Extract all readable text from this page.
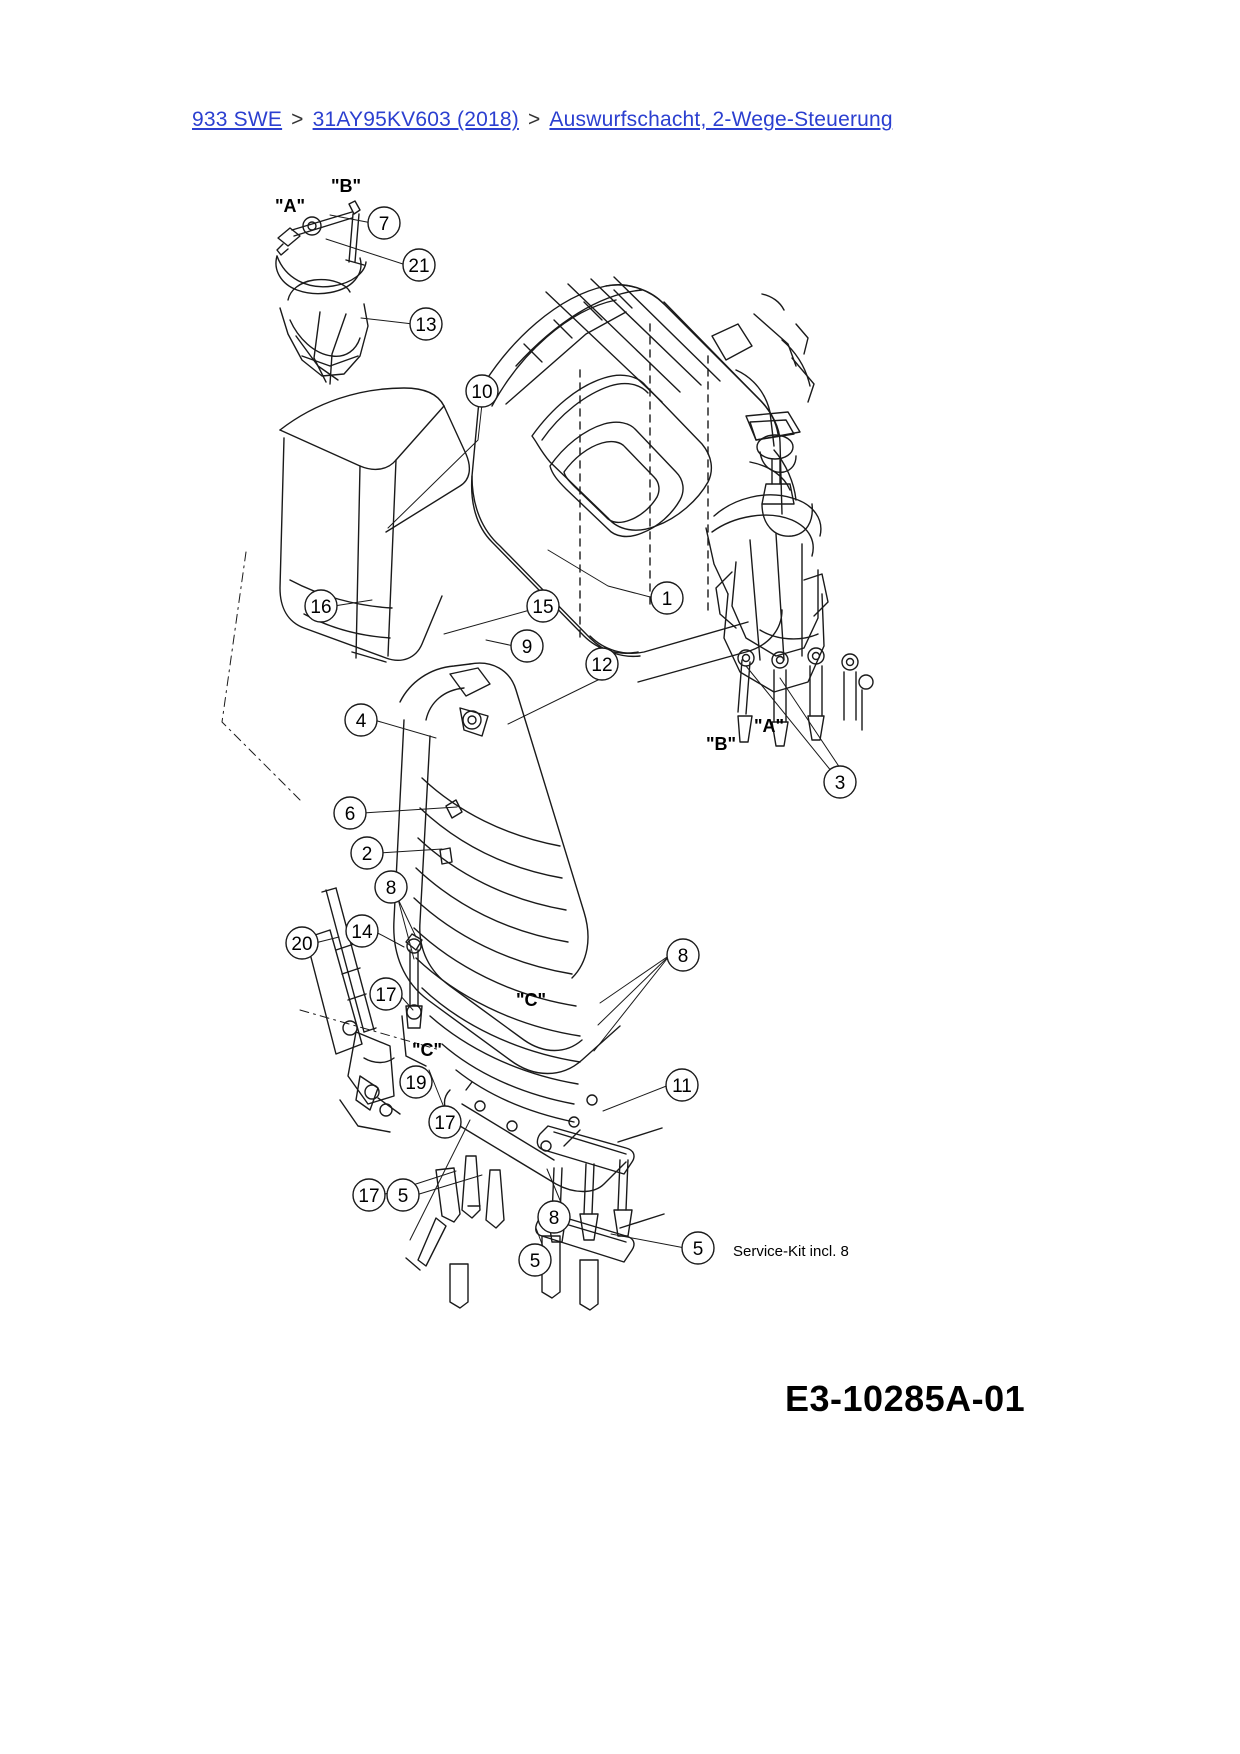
933 SWE > 31AY95KV603 (2018) > Auswurfschacht, 2-Wege-Steuerung
7
21
13
10
1
3
16	15
9
12
4
6
2
8
14
20
17
19
17
8
11
17 5
8
5
5
"A"
"B"
"B"
"A"
"C"
"C"
Service-Kit incl. 8
E3-10285A-01
